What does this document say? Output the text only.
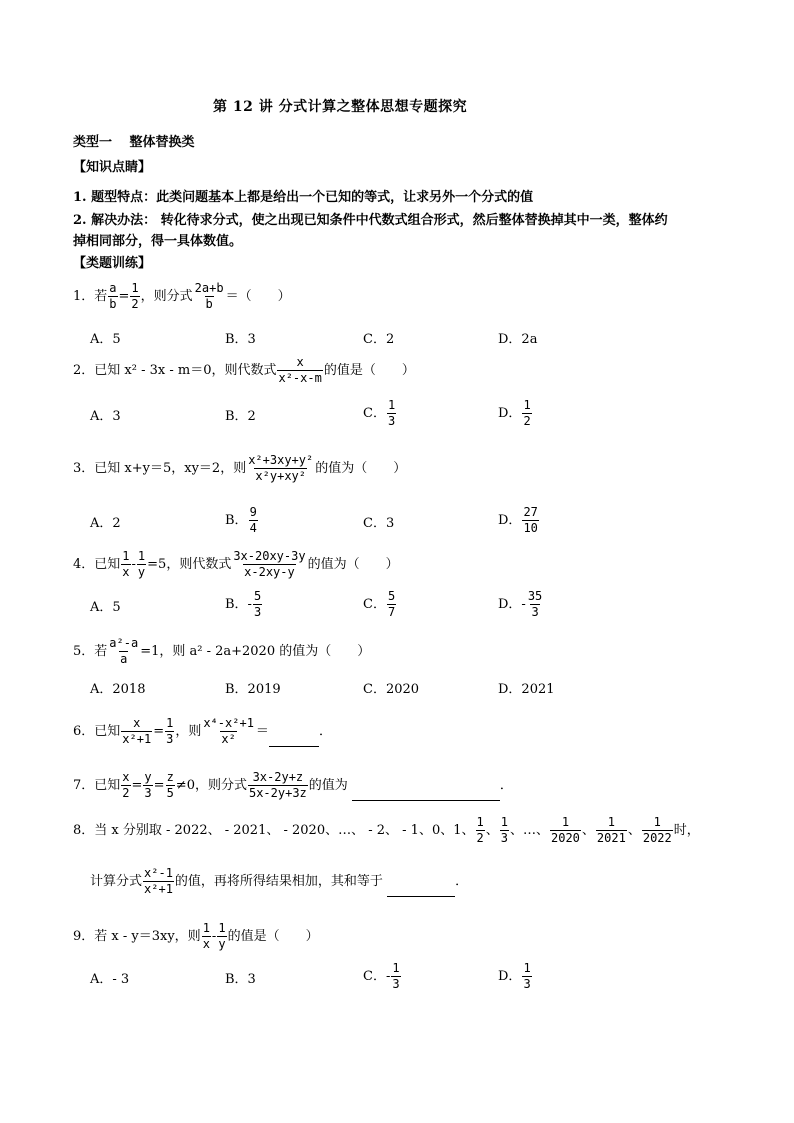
第 12 讲 分式计算之整体思想专题探究
类型一　 整体替换类
【知识点睛】
1. 题型特点：此类问题基本上都是给出一个已知的等式，让求另外一个分式的值
2. 解决办法： 转化待求分式，使之出现已知条件中代数式组合形式，然后整体替换掉其中一类，整体约
掉相同部分，得一具体数值。
【类题训练】
1．若 $\frac{a}{b} = \frac{1}{2}$ ，则分式 $\frac{2a+b}{b}$ ＝（　　）
A．5	B．3	C．2	D．2a
2．已知 x² - 3x - m＝0，则代数式 $\frac{x}{\text{x²-x-m}}$ 的值是（　　）
A．3	B．2	C． $\frac{1}{3}$	D． $\frac{1}{2}$
3．已知 x+y＝5，xy＝2，则 $\frac{\text{x²+3xy+y²}}{\text{x²y+xy²}}$ 的值为（　　）
A．2	B． $\frac{9}{4}$	C．3	D． $\frac{27}{10}$
4．已知 $\frac{1}{x} - \frac{1}{y} =5$，则代数式 $\frac{3x-20xy-3y}{x-2xy-y}$ 的值为（　　）
A．5	B．- $\frac{5}{3}$	C． $\frac{5}{7}$	D．- $\frac{35}{3}$
5．若 $\frac{\text{a²-a}}{a} =1$，则 a² - 2a+2020 的值为（　　）
A．2018	B．2019	C．2020	D．2021
6．已知 $\frac{x}{\text{x²+1}} = \frac{1}{3}$ ，则 $\frac{\text{x⁴-x²+1}}{\text{x²}}$ ＝	．
7．已知 $\frac{x}{2} = \frac{y}{3} = \frac{z}{5} \ne 0$，则分式 $\frac{3x-2y+z}{5x-2y+3z}$ 的值为	．
8．当 x 分别取 - 2022、 - 2021、 - 2020、…、 - 2、 - 1、0、1、 $\frac{1}{2}$ 、 $\frac{1}{3}$ 、…、 $\frac{1}{2020}$ 、 $\frac{1}{2021}$ 、 $\frac{1}{2022}$ 时，
计算分式 $\frac{\text{x²-1}}{\text{x²+1}}$ 的值，再将所得结果相加，其和等于	．
9．若 x - y＝3xy，则 $\frac{1}{x} - \frac{1}{y}$ 的值是（　　）
A．- 3	B．3	C．- $\frac{1}{3}$	D． $\frac{1}{3}$
